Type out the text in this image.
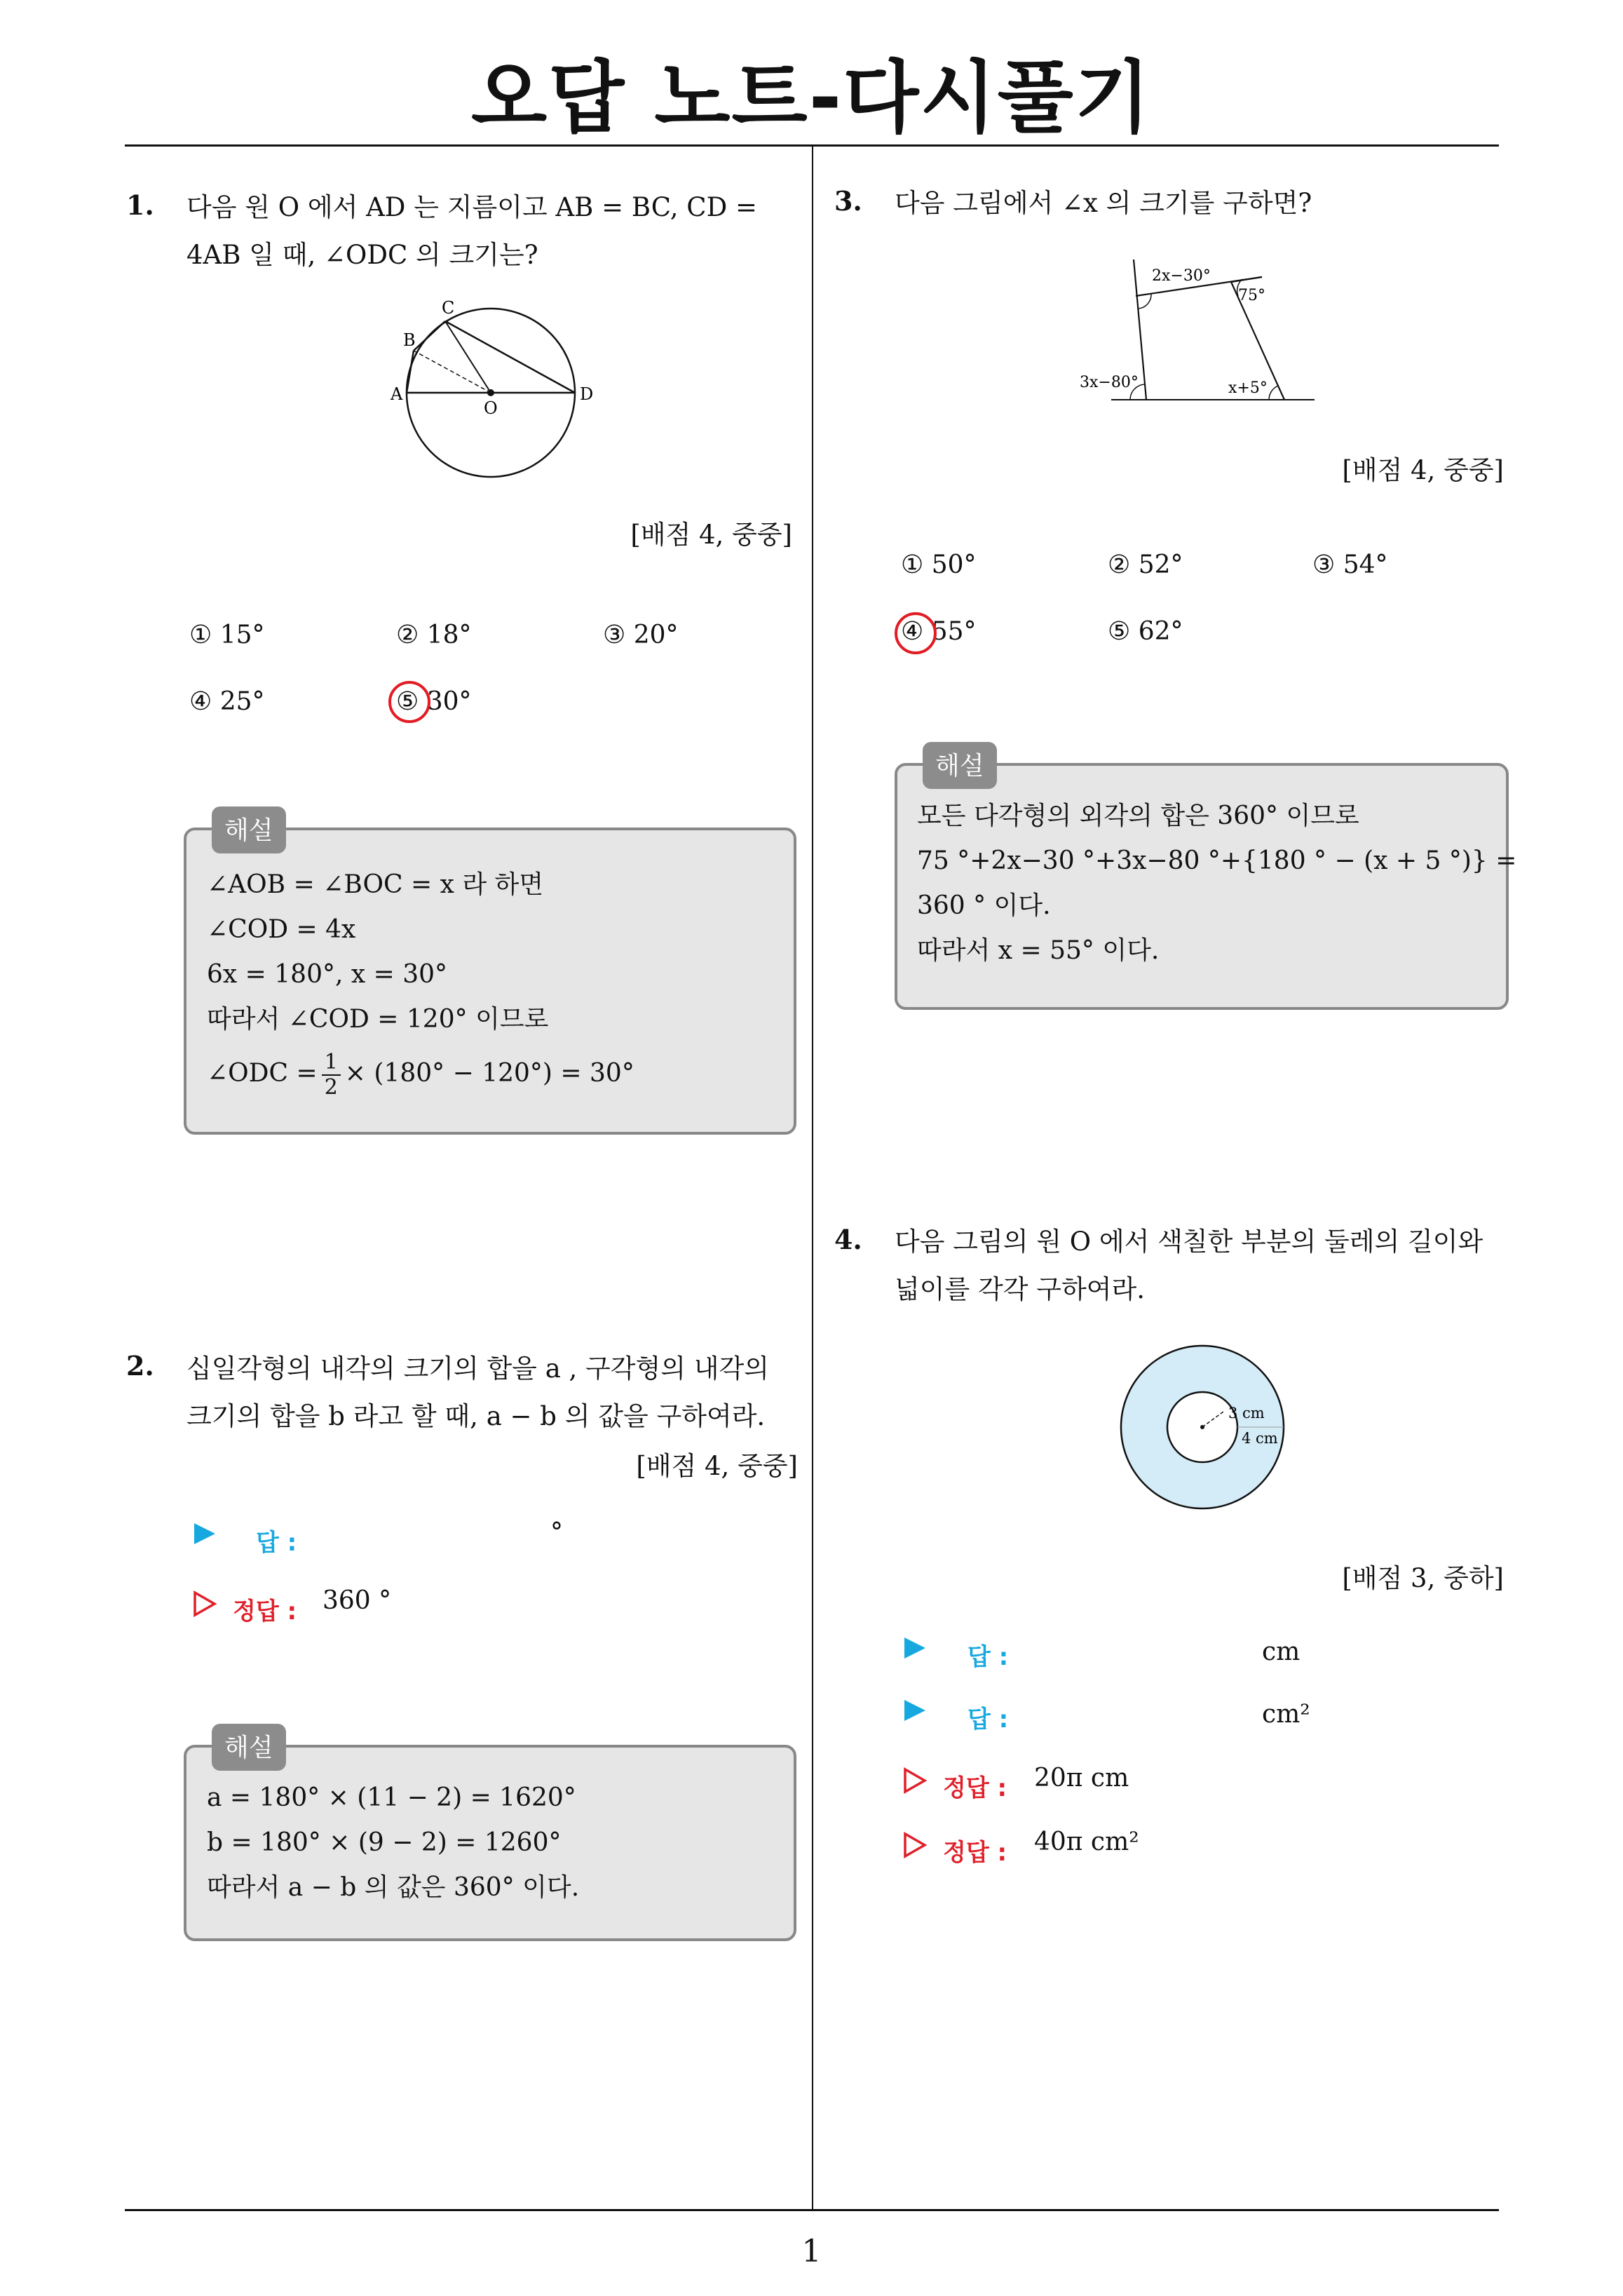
오답 노트-다시풀기
1
1. 다음 원 O 에서 AD 는 지름이고 AB = BC, CD =
4AB 일 때, ∠ODC 의 크기는?
C
B
A	D
O
[배점 4, 중중]
① 15°	② 18°	③ 20°
④ 25°	⑤ 30°
해설
∠AOB = ∠BOC = x 라 하면
∠COD = 4x
6x = 180°, x = 30°
따라서 ∠COD = 120° 이므로
∠ODC = $\frac{1}{2} \times (180^\circ - 120^\circ) = 30^\circ$
2. 십일각형의 내각의 크기의 합을 a , 구각형의 내각의
크기의 합을 b 라고 할 때, a − b 의 값을 구하여라.
[배점 4, 중중]
답 :	°
정답 : 360 °
해설
a = 180° × (11 − 2) = 1620°
b = 180° × (9 − 2) = 1260°
따라서 a − b 의 값은 360° 이다.
3. 다음 그림에서 ∠x 의 크기를 구하면?
2x−30°
75°
3x−80°	x+5°
[배점 4, 중중]
① 50°	② 52°	③ 54°
④ 55°	⑤ 62°
해설
모든 다각형의 외각의 합은 360° 이므로
75 °+2x−30 °+3x−80 °+{180 ° − (x + 5 °)} =
360 ° 이다.
따라서 x = 55° 이다.
4. 다음 그림의 원 O 에서 색칠한 부분의 둘레의 길이와
넓이를 각각 구하여라.
3 cm
4 cm
[배점 3, 중하]
답 :	cm
답 :	cm²
정답 : 20π cm
정답 : 40π cm²
